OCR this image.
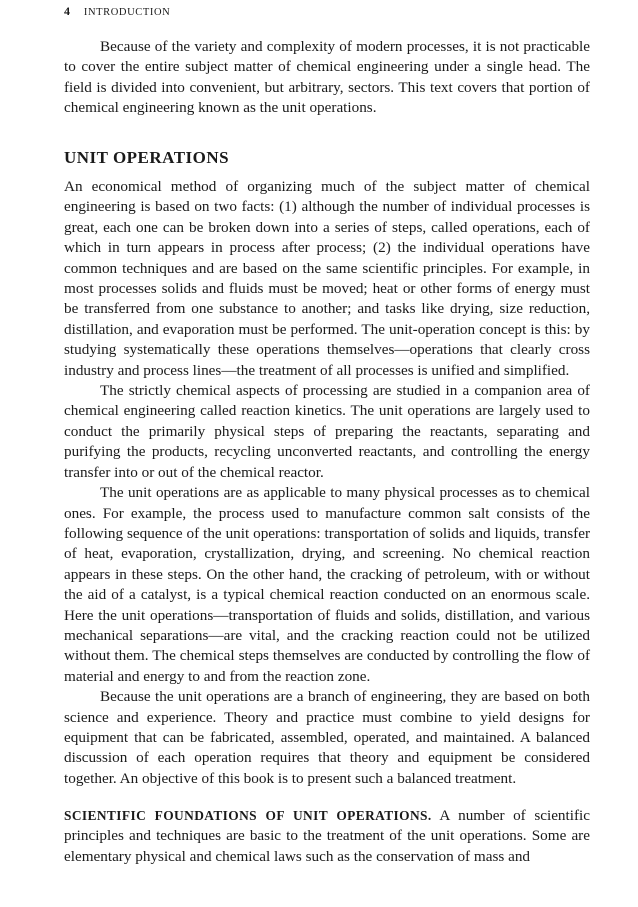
4 INTRODUCTION

Because of the variety and complexity of modern processes, it is not practicable to cover the entire subject matter of chemical engineering under a single head. The field is divided into convenient, but arbitrary, sectors. This text covers that portion of chemical engineering known as the unit operations.

UNIT OPERATIONS

An economical method of organizing much of the subject matter of chemical engineering is based on two facts: (1) although the number of individual processes is great, each one can be broken down into a series of steps, called operations, each of which in turn appears in process after process; (2) the individual operations have common techniques and are based on the same scientific principles. For example, in most processes solids and fluids must be moved; heat or other forms of energy must be transferred from one substance to another; and tasks like drying, size reduction, distillation, and evaporation must be performed. The unit-operation concept is this: by studying systematically these operations themselves—operations that clearly cross industry and process lines—the treatment of all processes is unified and simplified.

The strictly chemical aspects of processing are studied in a companion area of chemical engineering called reaction kinetics. The unit operations are largely used to conduct the primarily physical steps of preparing the reactants, separating and purifying the products, recycling unconverted reactants, and controlling the energy transfer into or out of the chemical reactor.

The unit operations are as applicable to many physical processes as to chemical ones. For example, the process used to manufacture common salt consists of the following sequence of the unit operations: transportation of solids and liquids, transfer of heat, evaporation, crystallization, drying, and screening. No chemical reaction appears in these steps. On the other hand, the cracking of petroleum, with or without the aid of a catalyst, is a typical chemical reaction conducted on an enormous scale. Here the unit operations—transportation of fluids and solids, distillation, and various mechanical separations—are vital, and the cracking reaction could not be utilized without them. The chemical steps themselves are conducted by controlling the flow of material and energy to and from the reaction zone.

Because the unit operations are a branch of engineering, they are based on both science and experience. Theory and practice must combine to yield designs for equipment that can be fabricated, assembled, operated, and maintained. A balanced discussion of each operation requires that theory and equipment be considered together. An objective of this book is to present such a balanced treatment.

SCIENTIFIC FOUNDATIONS OF UNIT OPERATIONS. A number of scientific principles and techniques are basic to the treatment of the unit operations. Some are elementary physical and chemical laws such as the conservation of mass and
